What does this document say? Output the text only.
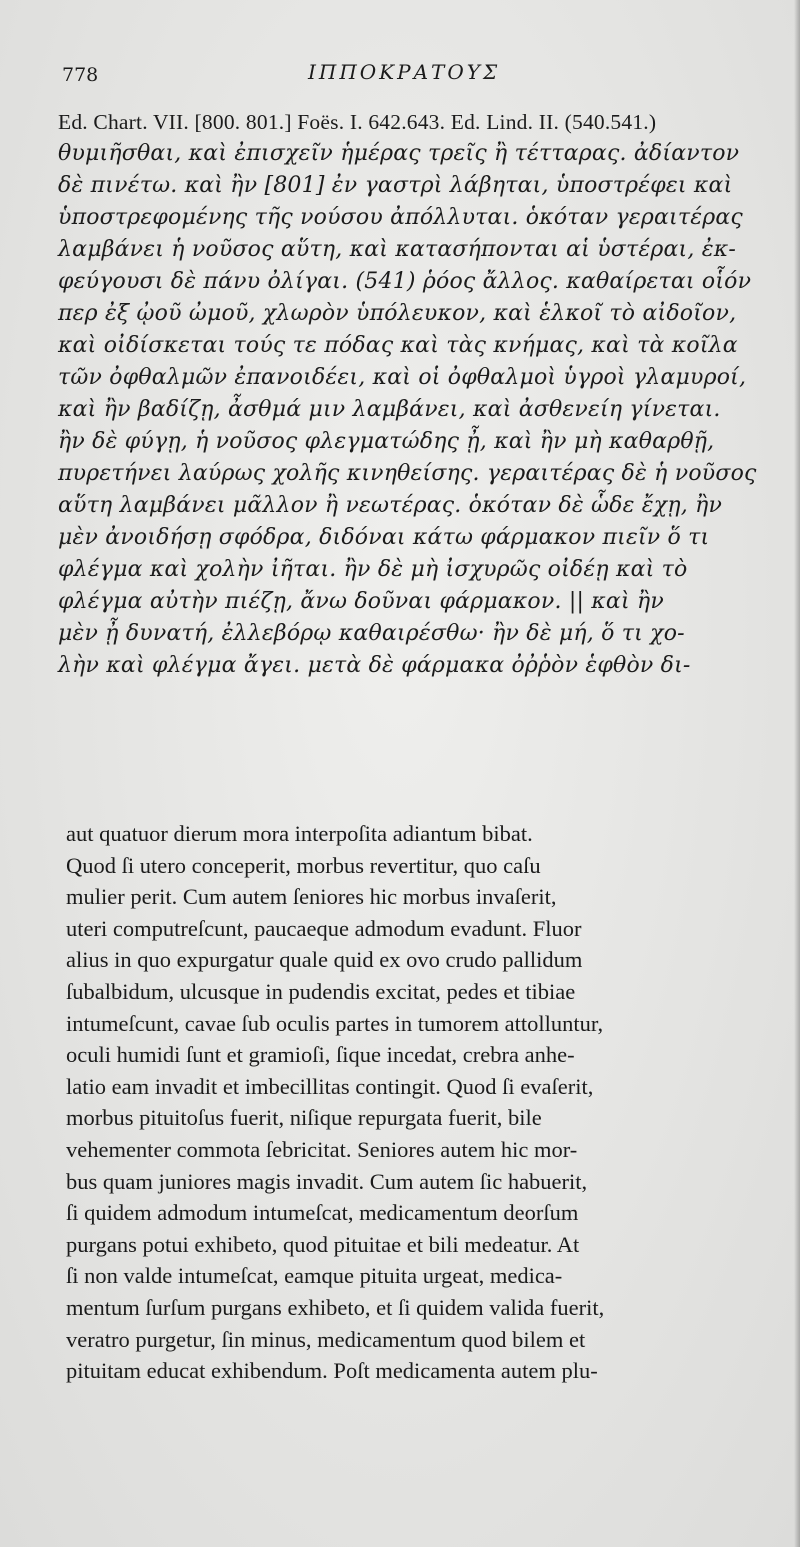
778	ΙΠΠΟΚΡΑΤΟΥΣ
Ed. Chart. VII. [800. 801.] Foës. I. 642.643. Ed. Lind. II. (540.541.)
θυμιῆσθαι, καὶ ἐπισχεῖν ἡμέρας τρεῖς ἢ τέτταρας. ἀδίαντον
δὲ πινέτω. καὶ ἢν [801] ἐν γαστρὶ λάβηται, ὑποστρέφει καὶ
ὑποστρεφομένης τῆς νούσου ἀπόλλυται. ὁκόταν γεραιτέρας
λαμβάνει ἡ νοῦσος αὕτη, καὶ κατασήπονται αἱ ὑστέραι, ἐκ-
φεύγουσι δὲ πάνυ ὀλίγαι. (541) ῥόος ἄλλος. καθαίρεται οἷόν
περ ἐξ ᾠοῦ ὠμοῦ, χλωρὸν ὑπόλευκον, καὶ ἑλκοῖ τὸ αἰδοῖον,
καὶ οἰδίσκεται τούς τε πόδας καὶ τὰς κνήμας, καὶ τὰ κοῖλα
τῶν ὀφθαλμῶν ἐπανοιδέει, καὶ οἱ ὀφθαλμοὶ ὑγροὶ γλαμυροί,
καὶ ἢν βαδίζῃ, ἆσθμά μιν λαμβάνει, καὶ ἀσθενείη γίνεται.
ἢν δὲ φύγῃ, ἡ νοῦσος φλεγματώδης ᾖ, καὶ ἢν μὴ καθαρθῇ,
πυρετήνει λαύρως χολῆς κινηθείσης. γεραιτέρας δὲ ἡ νοῦσος
αὕτη λαμβάνει μᾶλλον ἢ νεωτέρας. ὁκόταν δὲ ὧδε ἔχῃ, ἢν
μὲν ἀνοιδήσῃ σφόδρα, διδόναι κάτω φάρμακον πιεῖν ὅ τι
φλέγμα καὶ χολὴν ἰῆται. ἢν δὲ μὴ ἰσχυρῶς οἰδέῃ καὶ τὸ
φλέγμα αὐτὴν πιέζῃ, ἄνω δοῦναι φάρμακον. || καὶ ἢν
μὲν ᾖ δυνατή, ἐλλεβόρῳ καθαιρέσθω· ἢν δὲ μή, ὅ τι χο-
λὴν καὶ φλέγμα ἄγει. μετὰ δὲ φάρμακα ὀῤῥὸν ἑφθὸν δι-
aut quatuor dierum mora interpoſita adiantum bibat.
Quod ſi utero conceperit, morbus revertitur, quo caſu
mulier perit. Cum autem ſeniores hic morbus invaſerit,
uteri computreſcunt, paucaeque admodum evadunt. Fluor
alius in quo expurgatur quale quid ex ovo crudo pallidum
ſubalbidum, ulcusque in pudendis excitat, pedes et tibiae
intumeſcunt, cavae ſub oculis partes in tumorem attolluntur,
oculi humidi ſunt et gramioſi, ſique incedat, crebra anhe-
latio eam invadit et imbecillitas contingit. Quod ſi evaſerit,
morbus pituitoſus fuerit, niſique repurgata fuerit, bile
vehementer commota ſebricitat. Seniores autem hic mor-
bus quam juniores magis invadit. Cum autem ſic habuerit,
ſi quidem admodum intumeſcat, medicamentum deorſum
purgans potui exhibeto, quod pituitae et bili medeatur. At
ſi non valde intumeſcat, eamque pituita urgeat, medica-
mentum ſurſum purgans exhibeto, et ſi quidem valida fuerit,
veratro purgetur, ſin minus, medicamentum quod bilem et
pituitam educat exhibendum. Poſt medicamenta autem plu-
